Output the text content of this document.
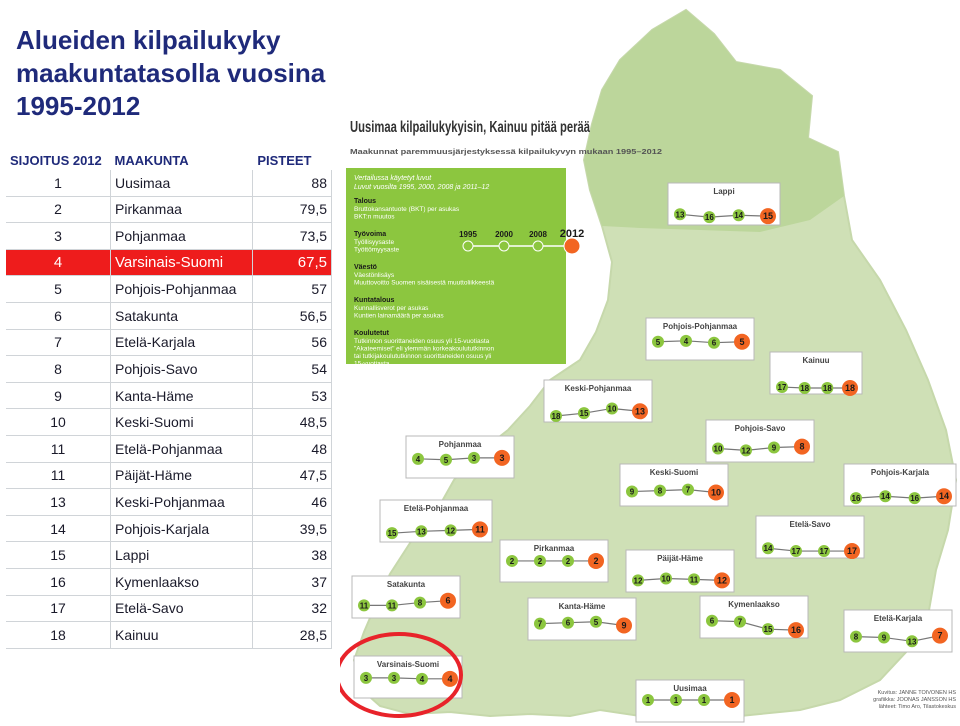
Alueiden kilpailukyky maakuntatasolla vuosina 1995-2012
SIJOITUS 2012	MAAKUNTA	PISTEET
1	Uusimaa	88
2	Pirkanmaa	79,5
3	Pohjanmaa	73,5
4	Varsinais-Suomi	67,5
5	Pohjois-Pohjanmaa	57
6	Satakunta	56,5
7	Etelä-Karjala	56
8	Pohjois-Savo	54
9	Kanta-Häme	53
10	Keski-Suomi	48,5
11	Etelä-Pohjanmaa	48
11	Päijät-Häme	47,5
13	Keski-Pohjanmaa	46
14	Pohjois-Karjala	39,5
15	Lappi	38
16	Kymenlaakso	37
17	Etelä-Savo	32
18	Kainuu	28,5
Uusimaa kilpailukykyisin, Kainuu pitää perää
Maakunnat paremmuusjärjestyksessä kilpailukyvyn mukaan 1995–2012
Vertailussa käytetyt luvut
Luvut vuosilta 1995, 2000, 2008 ja 2011–12
Talous
Bruttokansantuote (BKT) per asukas
BKT:n muutos
Työvoima
Työllisyysaste
Työttömyysaste
Väestö
Väestönlisäys
Muuttovoitto Suomen sisäisestä muuttoliikkeestä
Kuntatalous
Kunnallisverot per asukas
Kuntien lainamäärä per asukas
Koulutetut
Tutkinnon suorittaneiden osuus yli 15-vuotiasta
"Akateemiset" eli ylemmän korkeakoulututkinnon
tai tutkijakoulututkinnon suorittaneiden osuus yli
15-vuotiasta
1995 2000 2008 2012
Lappi
13	16	14 15
Pohjois-Pohjanmaa
5	4	6	5
Kainuu
17 18 18 18
Keski-Pohjanmaa
18 15
10 13
Pohjois-Savo
10 12	9	8
Pohjanmaa
4	5	3	3
Keski-Suomi
9	8	7 10
Pohjois-Karjala
16	14	16 14
Etelä-Pohjanmaa
15	13	12 11	Etelä-Savo
14 17 17 17
Pirkanmaa
2	2	2	2	Päijät-Häme
12 10 11 12
Satakunta
11 11	8	6
Kanta-Häme
7	6	5	9
Kymenlaakso
6	7
15 16
Etelä-Karjala
8	9	13
7
Varsinais-Suomi
3	3	4	4
Uusimaa
1	1	1	1
Kuvitus: JANNE TOIVONEN HS
grafiikka: JOONAS JANSSON HS
lähteet: Timo Aro, Tilastokeskus
